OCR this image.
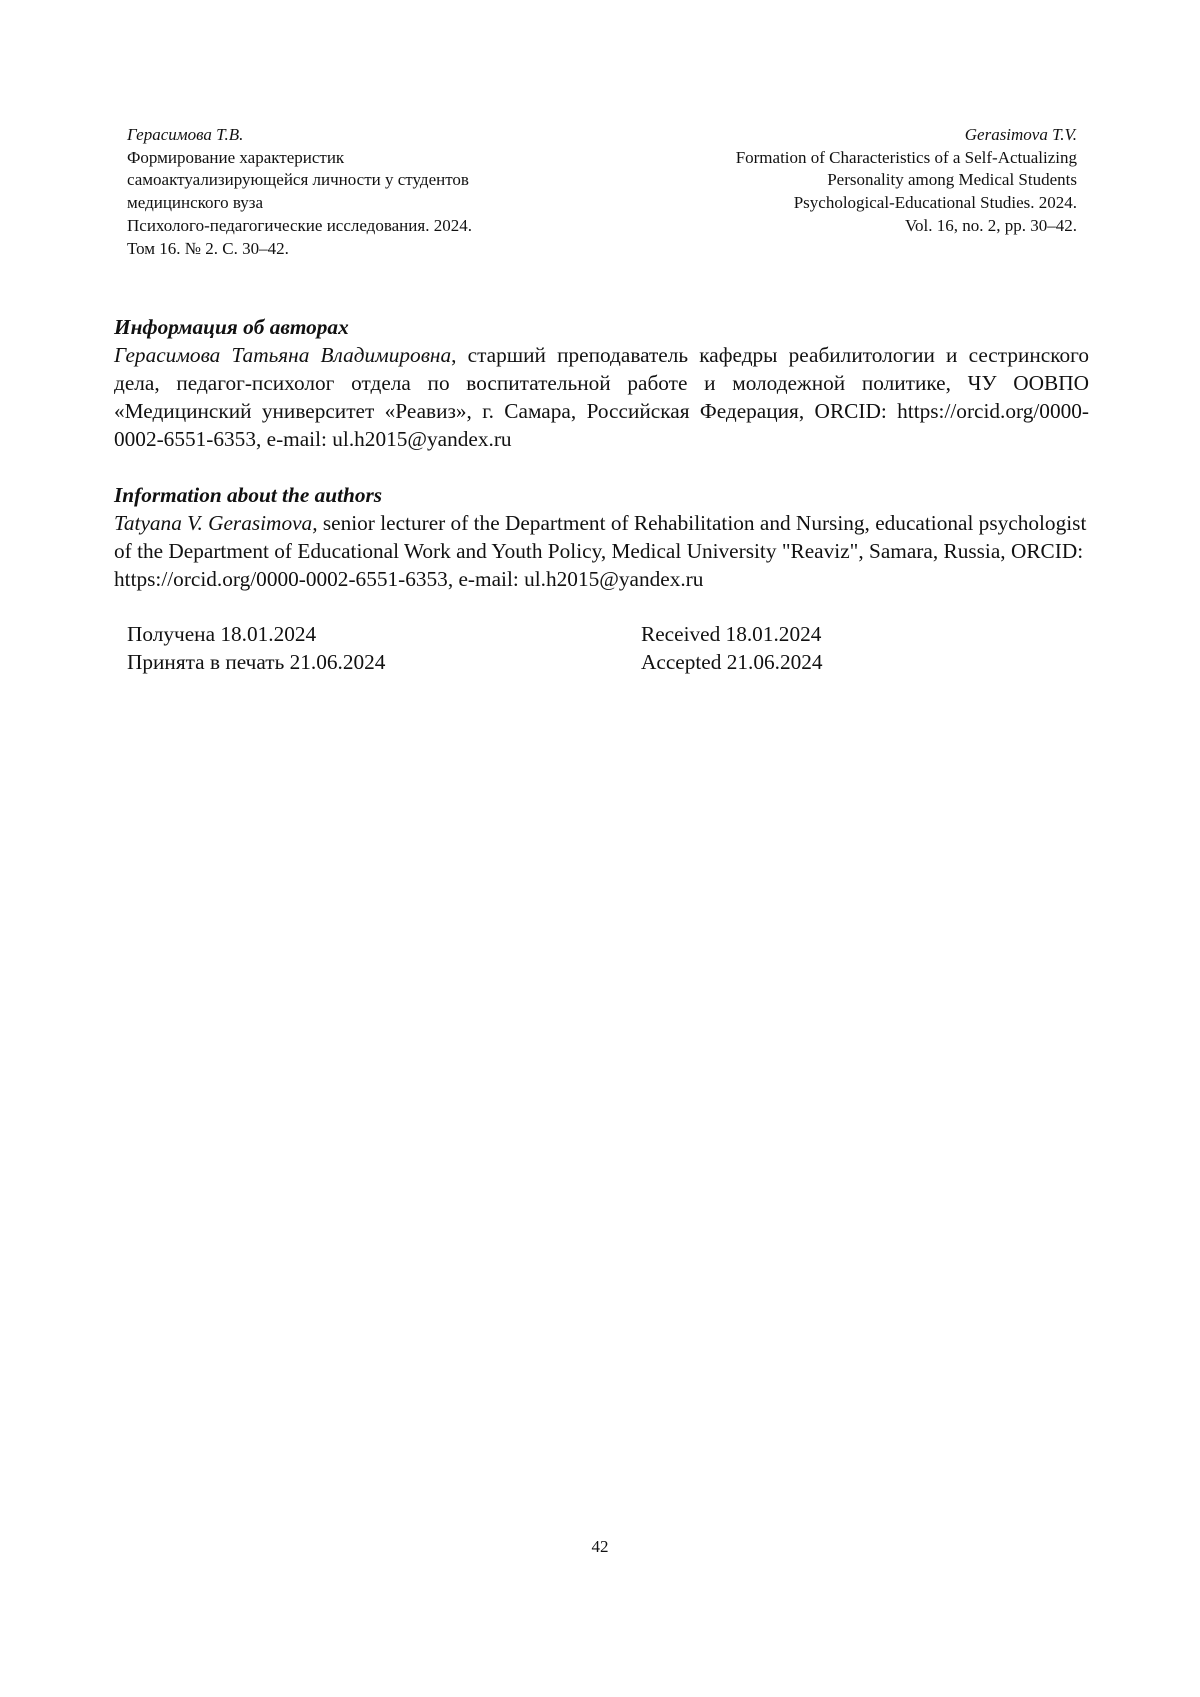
Герасимова Т.В.
Формирование характеристик
самоактуализирующейся личности у студентов
медицинского вуза
Психолого-педагогические исследования. 2024.
Том 16. № 2. С. 30–42.
Gerasimova T.V.
Formation of Characteristics of a Self-Actualizing
Personality among Medical Students
Psychological-Educational Studies. 2024.
Vol. 16, no. 2, pp. 30–42.
Информация об авторах
Герасимова Татьяна Владимировна, старший преподаватель кафедры реабилитологии и сестринского дела, педагог-психолог отдела по воспитательной работе и молодежной политике, ЧУ ООВПО «Медицинский университет «Реавиз», г. Самара, Российская Федерация, ORCID: https://orcid.org/0000-0002-6551-6353, e-mail: ul.h2015@yandex.ru
Information about the authors
Tatyana V. Gerasimova, senior lecturer of the Department of Rehabilitation and Nursing, educational psychologist of the Department of Educational Work and Youth Policy, Medical University "Reaviz", Samara, Russia, ORCID: https://orcid.org/0000-0002-6551-6353, e-mail: ul.h2015@yandex.ru
Получена 18.01.2024
Принята в печать 21.06.2024
Received 18.01.2024
Accepted 21.06.2024
42
